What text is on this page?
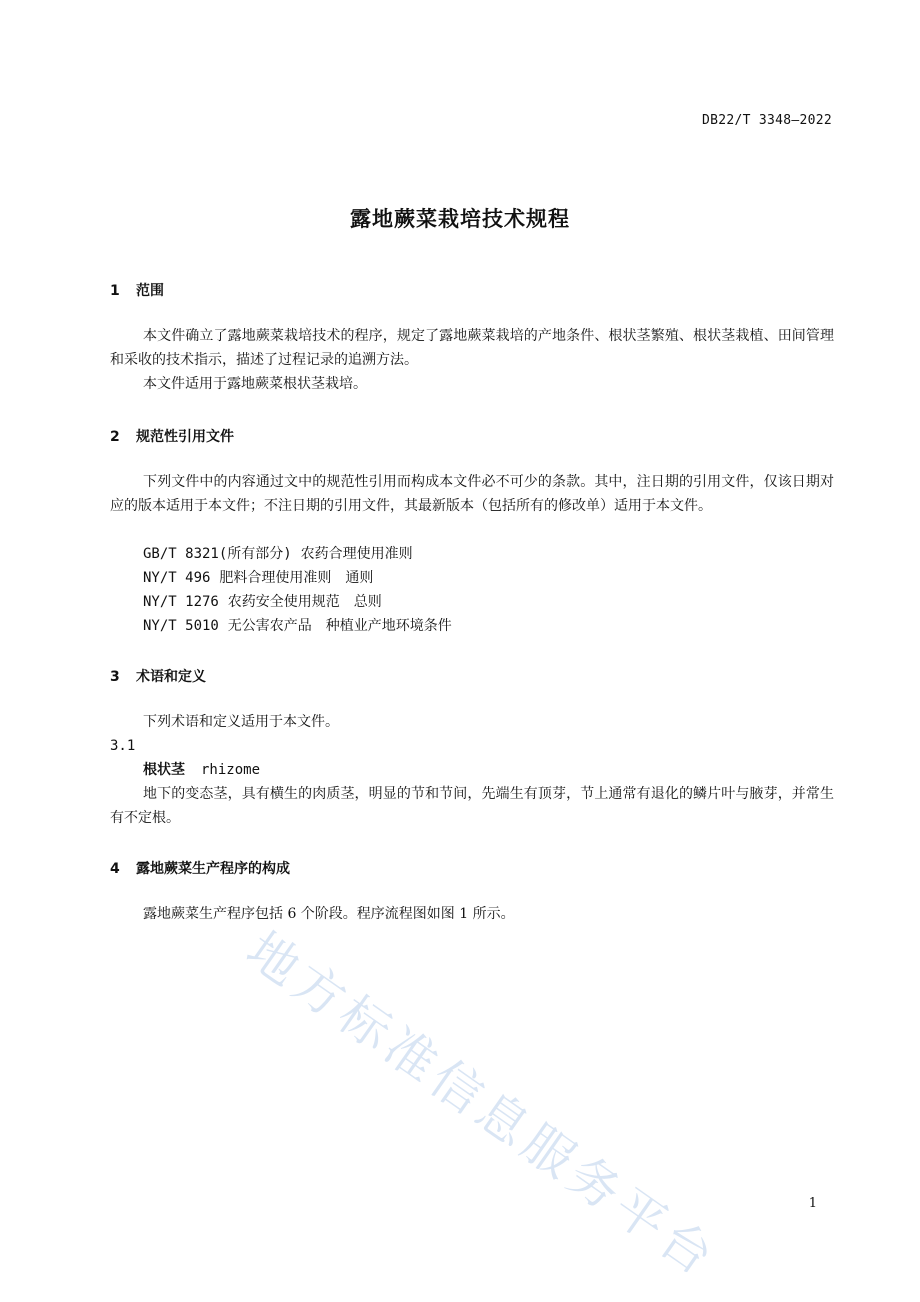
DB22/T 3348—2022
露地蕨菜栽培技术规程
1 范围
本文件确立了露地蕨菜栽培技术的程序，规定了露地蕨菜栽培的产地条件、根状茎繁殖、根状茎栽植、田间管理和采收的技术指示，描述了过程记录的追溯方法。
本文件适用于露地蕨菜根状茎栽培。
2 规范性引用文件
下列文件中的内容通过文中的规范性引用而构成本文件必不可少的条款。其中，注日期的引用文件，仅该日期对应的版本适用于本文件；不注日期的引用文件，其最新版本（包括所有的修改单）适用于本文件。
GB/T 8321(所有部分) 农药合理使用准则
NY/T 496 肥料合理使用准则　通则
NY/T 1276 农药安全使用规范　总则
NY/T 5010 无公害农产品　种植业产地环境条件
3 术语和定义
下列术语和定义适用于本文件。
3.1
根状茎 rhizome
地下的变态茎，具有横生的肉质茎，明显的节和节间，先端生有顶芽，节上通常有退化的鳞片叶与腋芽，并常生有不定根。
4 露地蕨菜生产程序的构成
露地蕨菜生产程序包括 6 个阶段。程序流程图如图 1 所示。
地方标准信息服务平台	1
